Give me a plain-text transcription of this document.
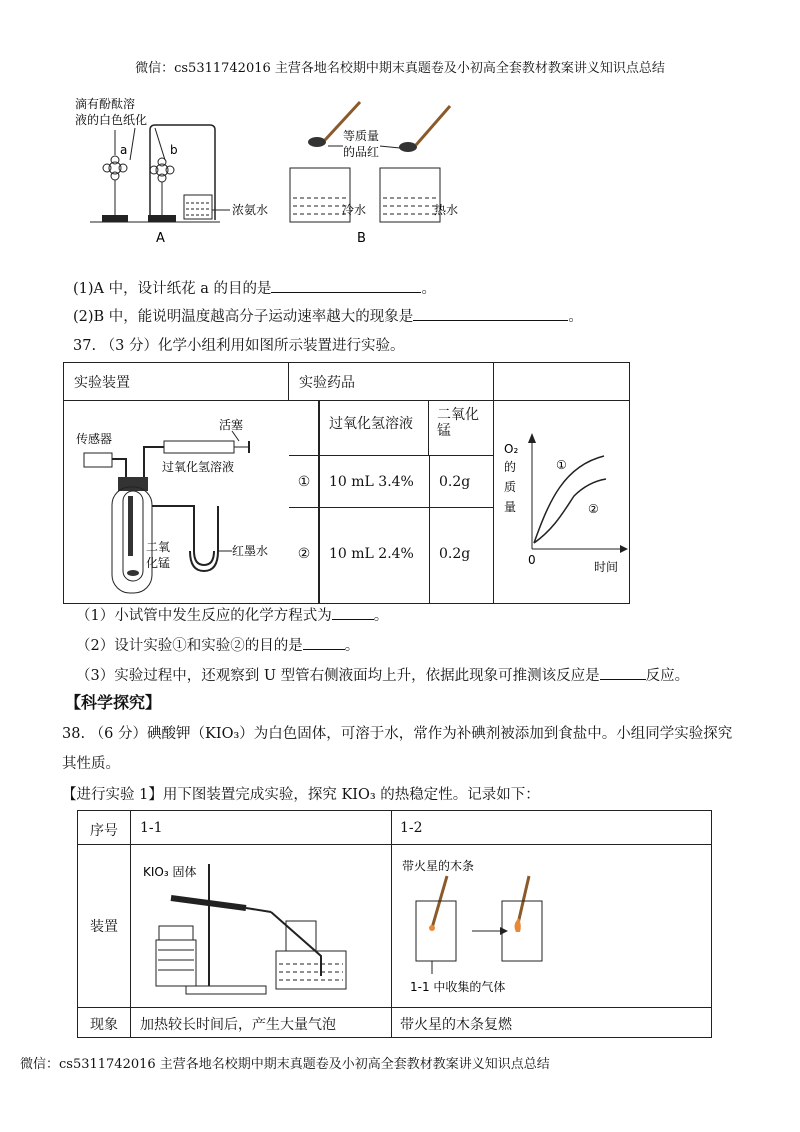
微信：cs5311742016 主营各地名校期中期末真题卷及小初高全套教材教案讲义知识点总结
滴有酚酞溶
液的白色纸化
a	b
浓氨水
A
等质量
的品红
冷水	热水
B
(1)A 中，设计纸花 a 的目的是	。
(2)B 中，能说明温度越高分子运动速率越大的现象是	。
37. （3 分）化学小组利用如图所示装置进行实验。
实验装置	实验药品
过氧化氢溶液
二氧化
锰
①	10 mL 3.4% 0.2g
②	10 mL 2.4% 0.2g
传感器
活塞
过氧化氢溶液
二氧
化锰
红墨水
O₂
的
质
量
0	时间
①
②
（1）小试管中发生反应的化学方程式为	。
（2）设计实验①和实验②的目的是	。
（3）实验过程中，还观察到 U 型管右侧液面均上升，依据此现象可推测该反应是	反应。
【科学探究】
38. （6 分）碘酸钾（KIO₃）为白色固体，可溶于水，常作为补碘剂被添加到食盐中。小组同学实验探究
其性质。
【进行实验 1】用下图装置完成实验，探究 KIO₃ 的热稳定性。记录如下：
序号 1-1	1-2
装置
现象 加热较长时间后，产生大量气泡	带火星的木条复燃
KIO₃ 固体	带火星的木条
1-1 中收集的气体
微信：cs5311742016 主营各地名校期中期末真题卷及小初高全套教材教案讲义知识点总结
